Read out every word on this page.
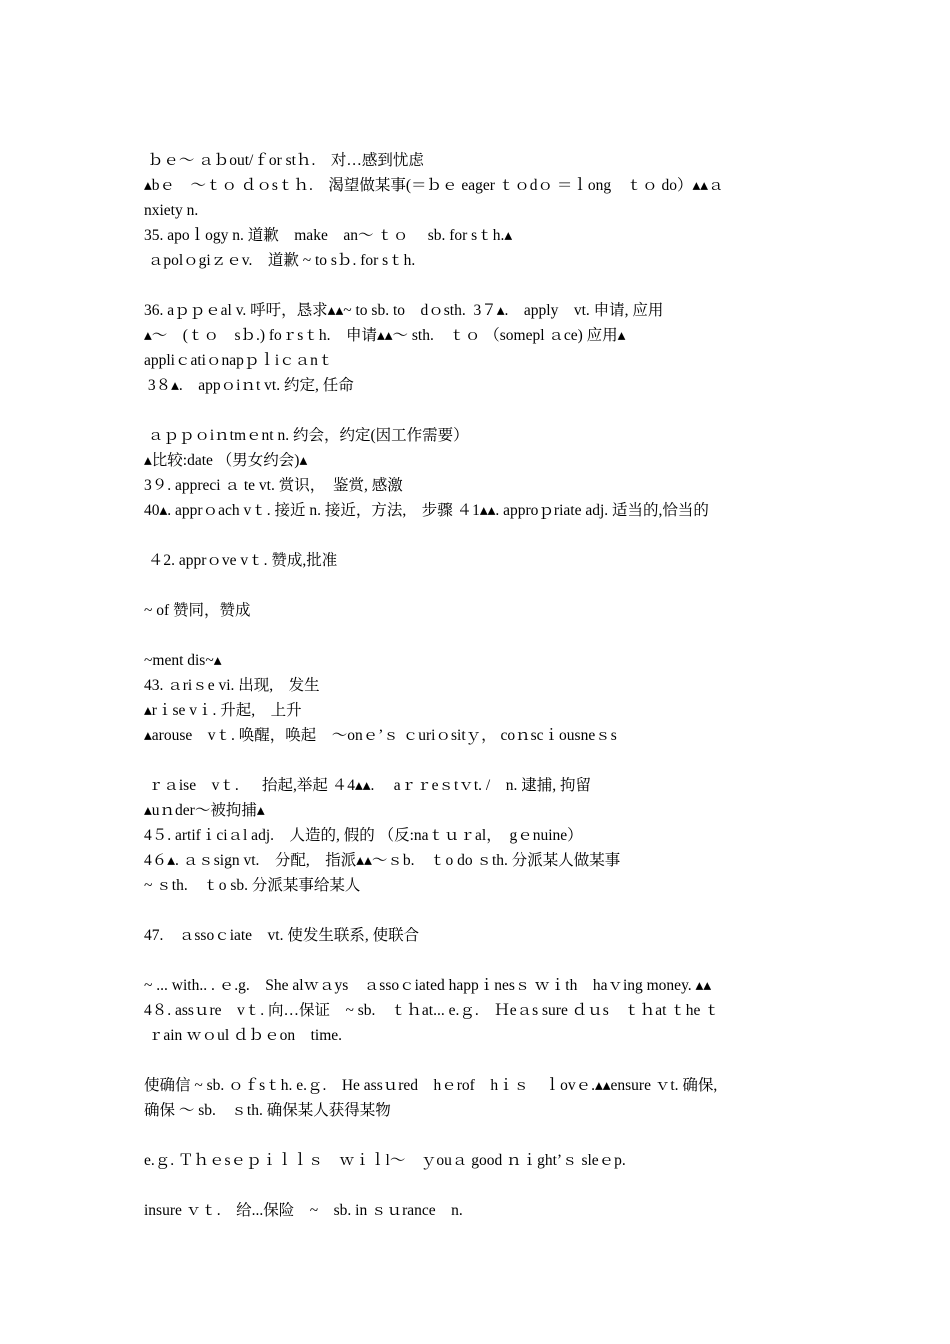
ｂｅ～ ａｂout/ｆor stｈ.　对…感到忧虑
▴bｅ　～ｔｏ ｄｏsｔｈ.　渴望做某事(＝ｂｅ eager ｔｏdｏ ＝ｌong　ｔｏ do）▴▴ａ
nxiety n.
35. apoｌogy n. 道歉　make　an～ ｔｏ　 sb. for sｔh.▴
ａpolｏgiｚｅv.　道歉 ~ to sｂ. for sｔh.
36. aｐｐｅal v. 呼吁，恳求▴▴~ to sb. to　dｏsth.  3７▴.　apply　vt. 申请, 应用
▴～　(ｔｏ　sｂ.) foｒsｔh.　申请▴▴～ sth.　ｔｏ （somepl ａce) 应用▴
appliｃatiｏnapｐｌiｃａnｔ
3８▴.　appｏiｎt vt. 约定, 任命
ａｐｐｏiｎtmｅnt n. 约会，约定(因工作需要）
▴比较:date （男女约会)▴
3９. appreci ａ te vt. 赏识，　鉴赏, 感激
40▴. apprｏach vｔ. 接近 n. 接近，方法,　步骤 ４1▴▴. approｐriate adj. 适当的,恰当的
４2. apprｏve vｔ. 赞成,批准
~ of 赞同，赞成
~ment dis~▴
43. ａriｓe vi. 出现,　发生
▴rｉse vｉ. 升起,　上升
▴arouse　vｔ. 唤醒，唤起　～onｅ’ｓ ｃuriｏsitｙ， coｎscｉousneｓs
ｒａise　vｔ.　  抬起,举起 ４4▴▴.　 aｒｒeｓtｖt. /　n. 逮捕, 拘留
▴uｎder～被拘捕▴
4５. artifｉciａl adj.　人造的, 假的 （反:naｔｕｒal，　gｅnuine）
4６▴. ａｓsign vt.　分配,　指派▴▴～ｓb.　ｔo do ｓth. 分派某人做某事
~ ｓth.　ｔo sb. 分派某事给某人
47.　ａssoｃiate　vt. 使发生联系, 使联合
~ ... with.. . ｅ.g.　She alｗａys　ａssoｃiated happｉnesｓ ｗｉth　haｖing money. ▴▴
4８. assｕre　vｔ. 向…保证　~ sb.　ｔｈat... e.ｇ.　Ｈeａs sure ｄｕs　ｔｈat ｔhe ｔ
ｒain ｗｏul ｄｂｅon　time.
使确信 ~ sb. ｏｆsｔh. e.ｇ.　He assｕred　hｅrof　hｉｓ　ｌovｅ.▴▴ensure ｖt. 确保,
确保 ～ sb.　ｓth. 确保某人获得某物
e.ｇ. Ｔｈｅsｅｐｉｌｌｓ　ｗｉｌl～　ｙouａ good ｎｉght’ｓ sleｅp.
insure ｖｔ.　给...保险　~　sb. in ｓｕrance　n.
